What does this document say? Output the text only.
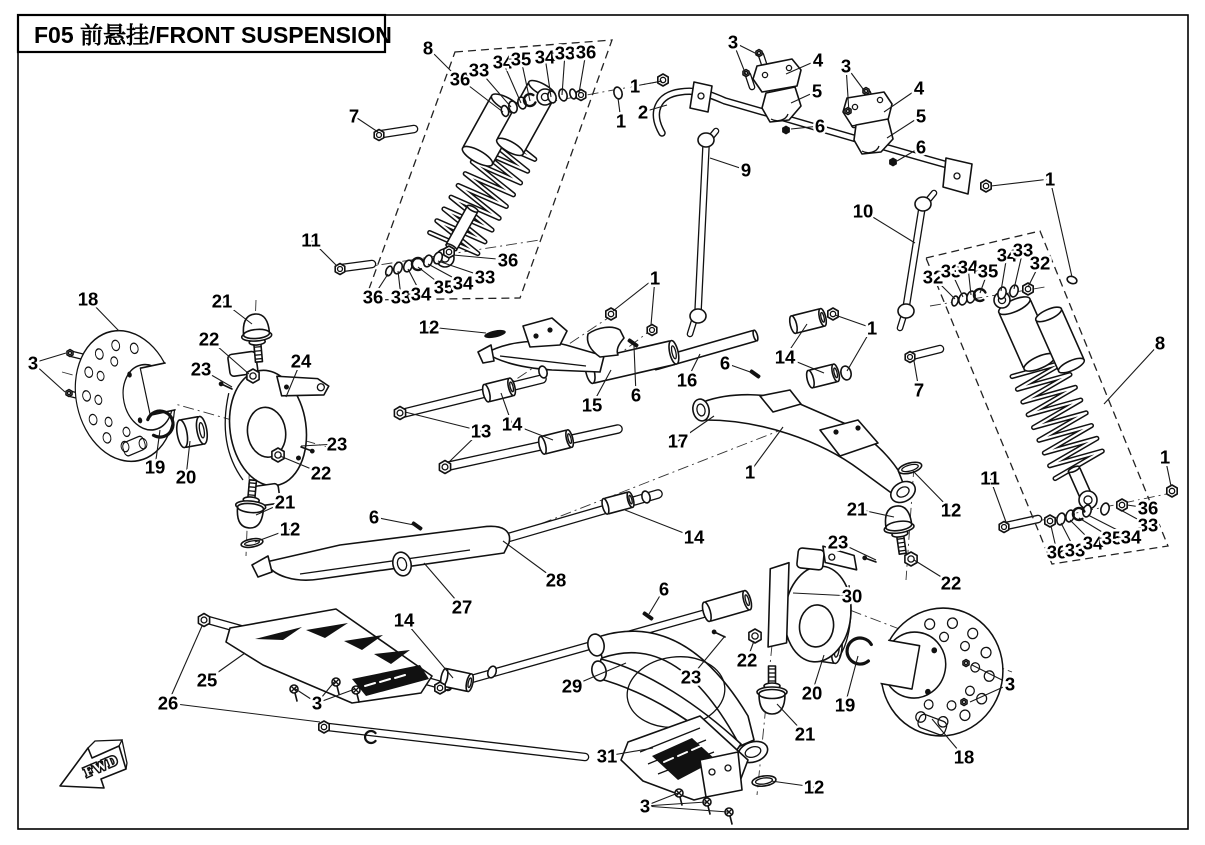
FWD
8
36
33 34
35 34 33 36
1
1 2
7
11
36 33 34 35
34 33
36
3
4
5
6
3
4
5
6
9
10
1
32
33
34 35
34
33
32
8
7
1
36
33
36
33
34
35
34
11
12
1
12
13 14
15 6
16
17
6 14
1
1
14
28
18
3
21
22
23	24
23
22
19 20
21
12
6
27
14
25
3
26
6
23
22
29
31
3
12
21
30
20
19
3
18
22
23
21
F05 前悬挂/FRONT SUSPENSION
